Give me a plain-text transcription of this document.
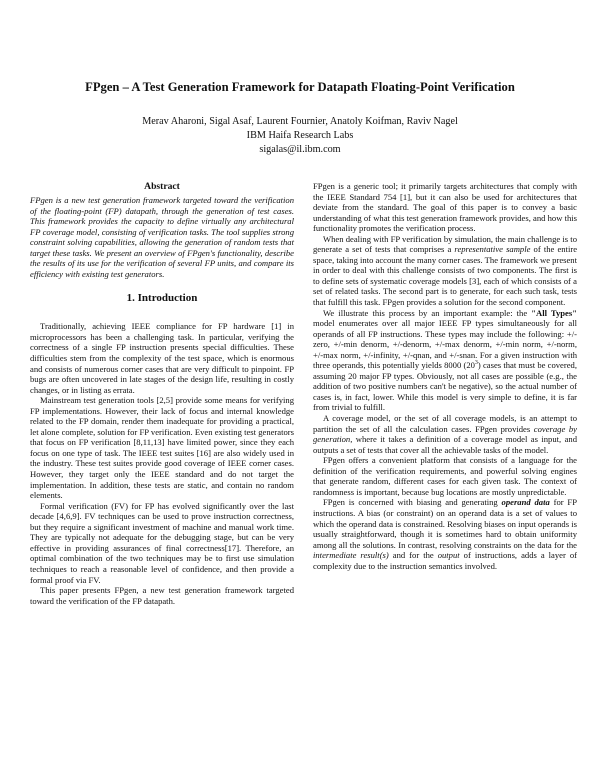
FPgen – A Test Generation Framework for Datapath Floating-Point Verification
Merav Aharoni, Sigal Asaf, Laurent Fournier, Anatoly Koifman, Raviv Nagel
IBM Haifa Research Labs
sigalas@il.ibm.com
Abstract

FPgen is a new test generation framework targeted toward the verification of the floating-point (FP) datapath, through the generation of test cases. This framework provides the capacity to define virtually any architectural FP coverage model, consisting of verification tasks. The tool supplies strong constraint solving capabilities, allowing the generation of random tests that target these tasks. We present an overview of FPgen's functionality, describe the results of its use for the verification of several FP units, and compare its efficiency with existing test generators.

1. Introduction

Traditionally, achieving IEEE compliance for FP hardware [1] in microprocessors has been a challenging task. In particular, verifying the correctness of a single FP instruction presents special difficulties. These difficulties stem from the complexity of the test space, which is enormous and consists of numerous corner cases that are very difficult to pinpoint. FP bugs are often uncovered in late stages of the design life, resulting in costly changes, or in listing as errata.

Mainstream test generation tools [2,5] provide some means for verifying FP implementations. However, their lack of focus and internal knowledge related to the FP domain, render them inadequate for providing a practical, let alone complete, solution for FP verification. Even existing test generators that focus on FP verification [8,11,13] have limited power, since they each focus on one type of task. The IEEE test suites [16] are also widely used in the industry. These test suites provide good coverage of IEEE corner cases. However, they target only the IEEE standard and do not target the implementation. In addition, these tests are static, and contain no random elements.

Formal verification (FV) for FP has evolved significantly over the last decade [4,6,9]. FV techniques can be used to prove instruction correctness, but they require a significant investment of machine and manual work time. They are typically not adequate for the debugging stage, but can be very effective in providing assurances of final correctness[17]. Therefore, an optimal combination of the two techniques may be to first use simulation techniques to reach a reasonable level of confidence, and then provide a formal proof via FV.

This paper presents FPgen, a new test generation framework targeted toward the verification of the FP datapath.

FPgen is a generic tool; it primarily targets architectures that comply with the IEEE Standard 754 [1], but it can also be used for architectures that deviate from the standard. The goal of this paper is to convey a basic understanding of what this test generation framework provides, and how this functionality promotes the verification process.

When dealing with FP verification by simulation, the main challenge is to generate a set of tests that comprises a representative sample of the entire space, taking into account the many corner cases. The framework we present in order to deal with this challenge consists of two components. The first is to define sets of systematic coverage models [3], each of which consists of a set of related tasks. The second part is to generate, for each such task, tests that fulfill this task. FPgen provides a solution for the second component.

We illustrate this process by an important example: the "All Types" model enumerates over all major IEEE FP types simultaneously for all operands of all FP instructions. These types may include the following: +/-zero, +/-min denorm, +/-denorm, +/-max denorm, +/-min norm, +/-norm, +/-max norm, +/-infinity, +/-qnan, and +/-snan. For a given instruction with three operands, this potentially yields 8000 $(20^3)$ cases that must be covered, assuming 20 major FP types. Obviously, not all cases are possible (e.g., the addition of two positive numbers can't be negative), so the actual number of cases is, in fact, lower. While this model is very simple to define, it is far from trivial to fulfill.

A coverage model, or the set of all coverage models, is an attempt to partition the set of all the calculation cases. FPgen provides coverage by generation, where it takes a definition of a coverage model as input, and outputs a set of tests that cover all the achievable tasks of the model.

FPgen offers a convenient platform that consists of a language for the definition of the verification requirements, and powerful solving engines that generate random, different cases for each given task. The context of randomness is important, because bug locations are mostly unpredictable.

FPgen is concerned with biasing and generating operand data for FP instructions. A bias (or constraint) on an operand data is a set of values to which the operand data is constrained. Resolving biases on input operands is usually straightforward, though it is sometimes hard to obtain uniformity among all the solutions. In contrast, resolving constraints on the data for the intermediate result(s) and for the output of instructions, adds a layer of complexity due to the instruction semantics involved.
